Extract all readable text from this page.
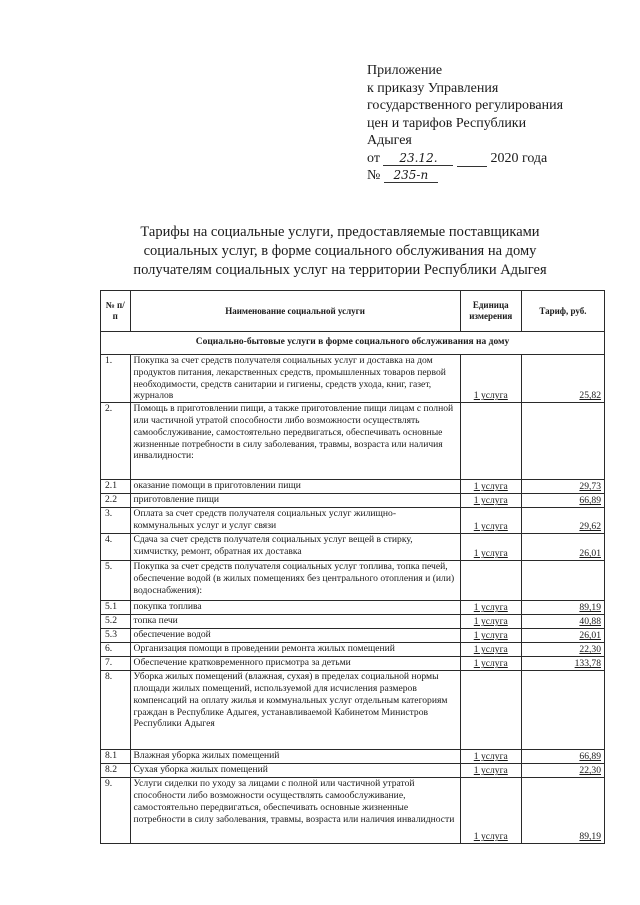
Приложение
к приказу Управления
государственного регулирования
цен и тарифов Республики
Адыгея
от 23.12.	2020 года
№ 235-п
Тарифы на социальные услуги, предоставляемые поставщиками
социальных услуг, в форме социального обслуживания на дому
получателям социальных услуг на территории Республики Адыгея
№ п/п	Наименование социальной услуги	Единица измерения	Тариф, руб.
Социально-бытовые услуги в форме социального обслуживания на дому			
1.	Покупка за счет средств получателя социальных услуг и доставка на дом продуктов питания, лекарственных средств, промышленных товаров первой необходимости, средств санитарии и гигиены, средств ухода, книг, газет, журналов	1 услуга	25,82
2.	Помощь в приготовлении пищи, а также приготовление пищи лицам с полной или частичной утратой способности либо возможности осуществлять самообслуживание, самостоятельно передвигаться, обеспечивать основные жизненные потребности в силу заболевания, травмы, возраста или наличия инвалидности:		
2.1	оказание помощи в приготовлении пищи	1 услуга	29,73
2.2	приготовление пищи	1 услуга	66,89
3.	Оплата за счет средств получателя социальных услуг жилищно-коммунальных услуг и услуг связи	1 услуга	29,62
4.	Сдача за счет средств получателя социальных услуг вещей в стирку, химчистку, ремонт, обратная их доставка	1 услуга	26,01
5.	Покупка за счет средств получателя социальных услуг топлива, топка печей, обеспечение водой (в жилых помещениях без центрального отопления и (или) водоснабжения):		
5.1	покупка топлива	1 услуга	89,19
5.2	топка печи	1 услуга	40,88
5.3	обеспечение водой	1 услуга	26,01
6.	Организация помощи в проведении ремонта жилых помещений	1 услуга	22,30
7.	Обеспечение кратковременного присмотра за детьми	1 услуга	133,78
8.	Уборка жилых помещений (влажная, сухая) в пределах социальной нормы площади жилых помещений, используемой для исчисления размеров компенсаций на оплату жилья и коммунальных услуг отдельным категориям граждан в Республике Адыгея, устанавливаемой Кабинетом Министров Республики Адыгея		
8.1	Влажная уборка жилых помещений	1 услуга	66,89
8.2	Сухая уборка жилых помещений	1 услуга	22,30
9.	Услуги сиделки по уходу за лицами с полной или частичной утратой способности либо возможности осуществлять самообслуживание, самостоятельно передвигаться, обеспечивать основные жизненные потребности в силу заболевания, травмы, возраста или наличия инвалидности	1 услуга	89,19
